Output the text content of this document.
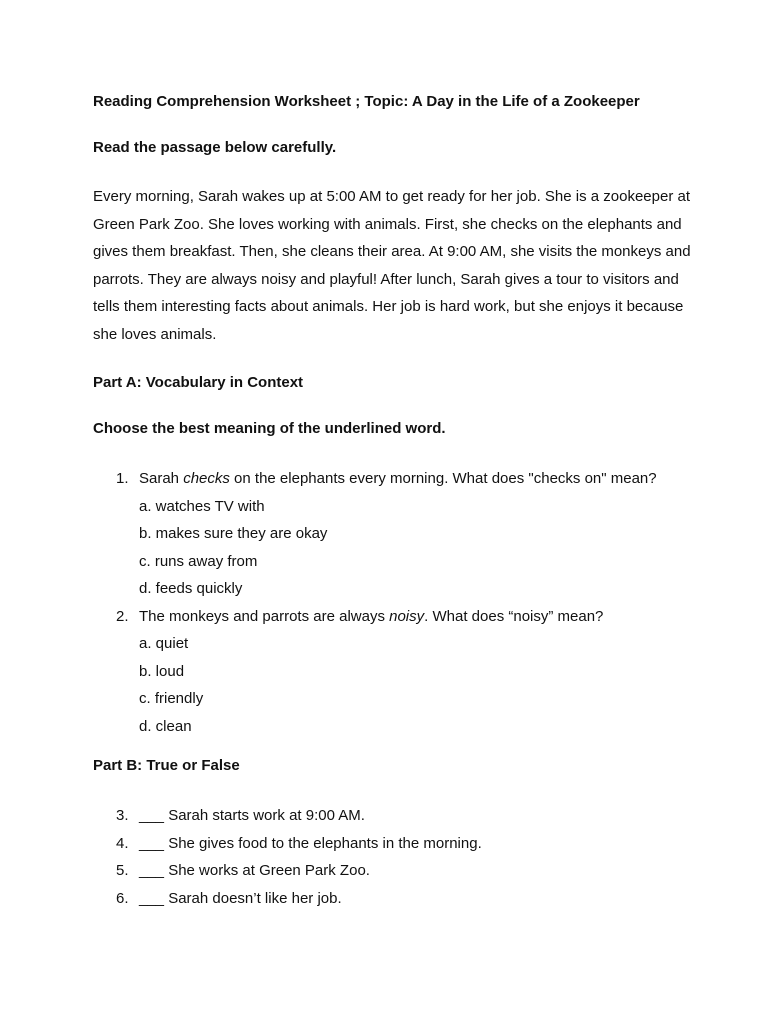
Reading Comprehension Worksheet ; Topic: A Day in the Life of a Zookeeper
Read the passage below carefully.
Every morning, Sarah wakes up at 5:00 AM to get ready for her job. She is a zookeeper at Green Park Zoo. She loves working with animals. First, she checks on the elephants and gives them breakfast. Then, she cleans their area. At 9:00 AM, she visits the monkeys and parrots. They are always noisy and playful! After lunch, Sarah gives a tour to visitors and tells them interesting facts about animals. Her job is hard work, but she enjoys it because she loves animals.
Part A: Vocabulary in Context
Choose the best meaning of the underlined word.
1. Sarah checks on the elephants every morning. What does "checks on" mean?
a. watches TV with
b. makes sure they are okay
c. runs away from
d. feeds quickly
2. The monkeys and parrots are always noisy. What does “noisy” mean?
a. quiet
b. loud
c. friendly
d. clean
Part B: True or False
3. ___ Sarah starts work at 9:00 AM.
4. ___ She gives food to the elephants in the morning.
5. ___ She works at Green Park Zoo.
6. ___ Sarah doesn’t like her job.
